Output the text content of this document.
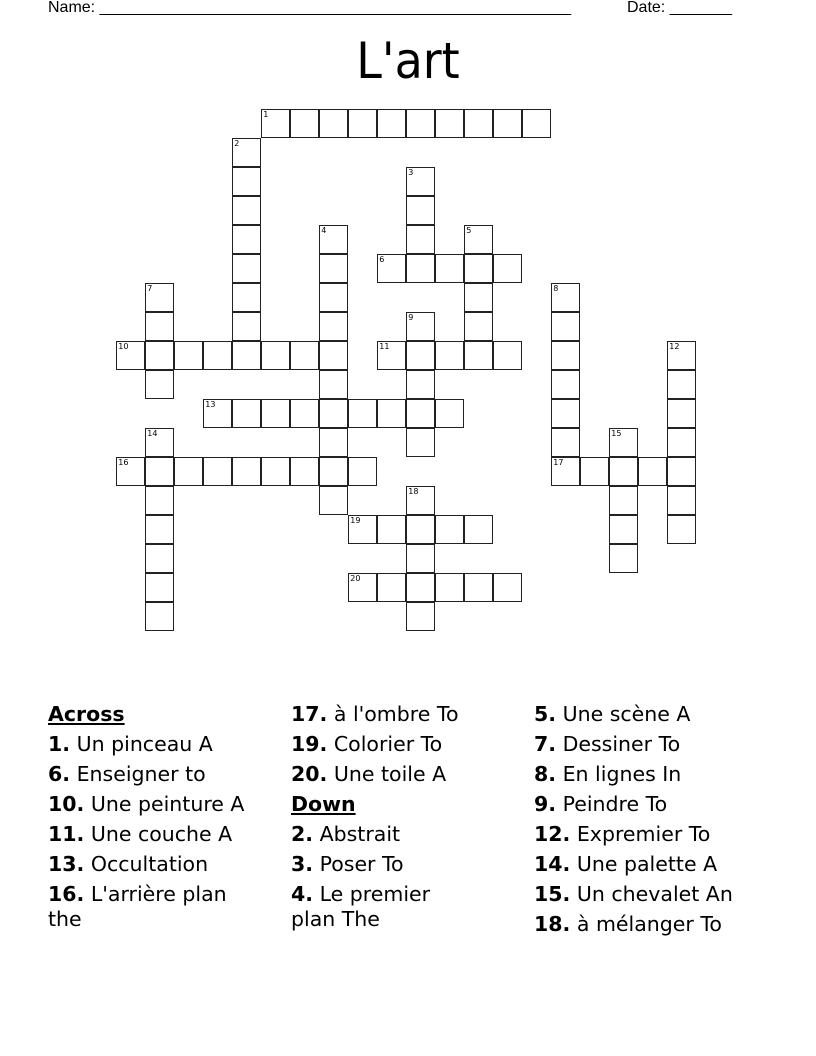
Name: _____________________________________________________	Date: _______
L'art
1
2
3
4	5
6
7	8
17
9
10	11	12
13
14	15
16
18
19
20
Across
1. Un pinceau A
6. Enseigner to
10. Une peinture A
11. Une couche A
13. Occultation
16. L'arrière plan the
17. à l'ombre To
19. Colorier To
20. Une toile A
Down
2. Abstrait
3. Poser To
4. Le premier plan The
5. Une scène A
7. Dessiner To
8. En lignes In
9. Peindre To
12. Expremier To
14. Une palette A
15. Un chevalet An
18. à mélanger To
